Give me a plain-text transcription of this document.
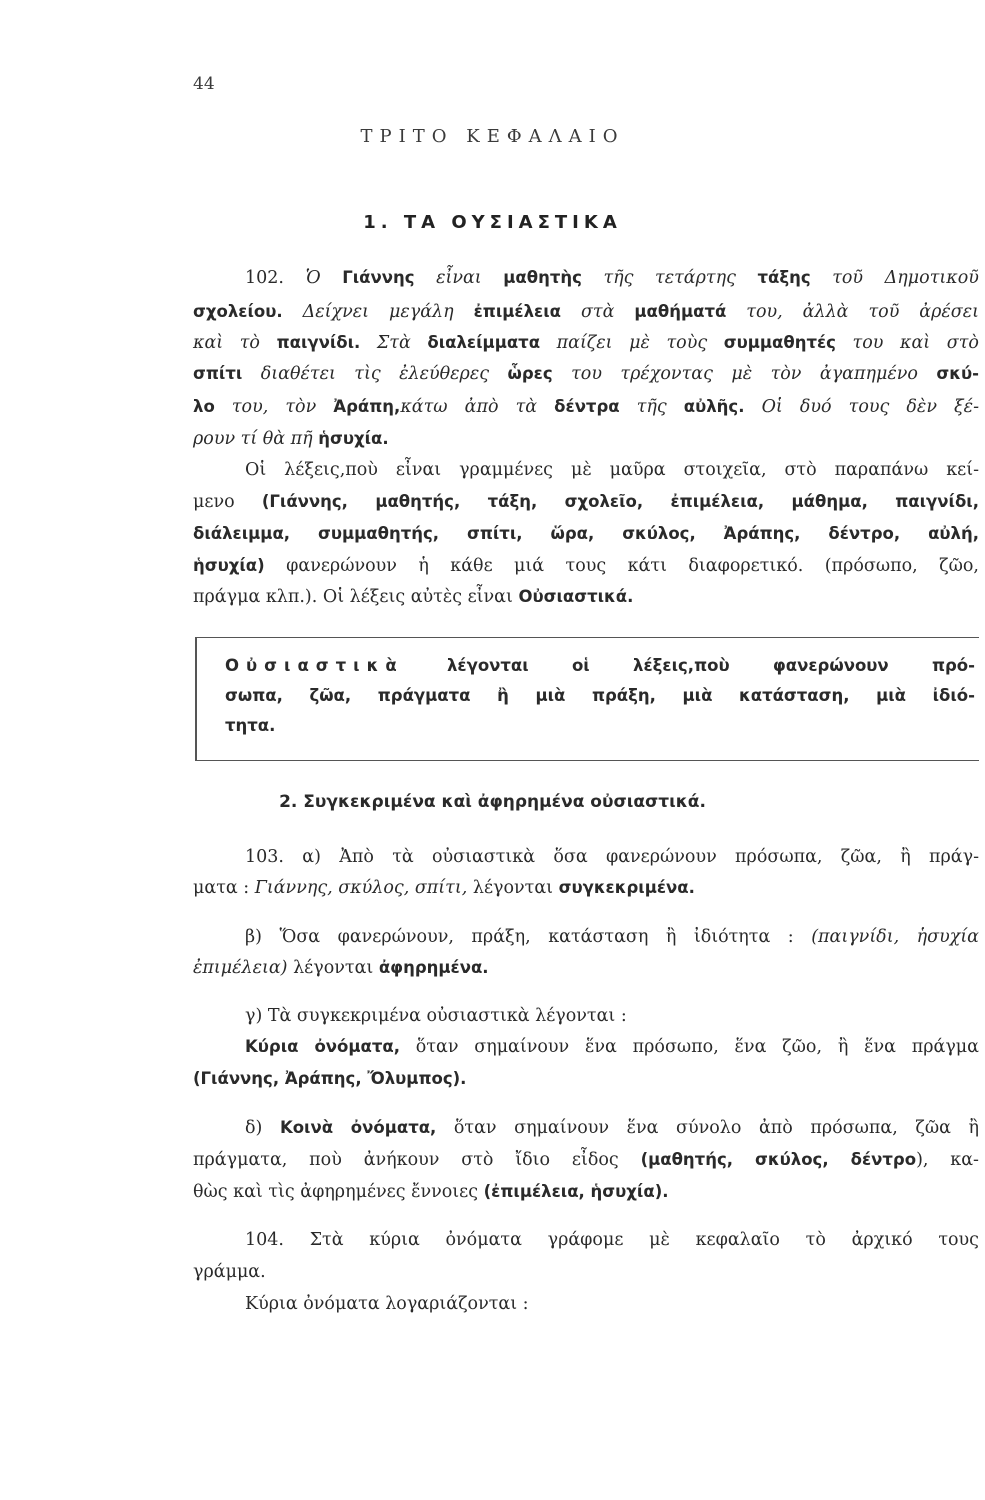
44
ΤΡΙΤΟ ΚΕΦΑΛΑΙΟ
1. ΤΑ ΟΥΣΙΑΣΤΙΚΑ
102. Ὁ Γιάννης εἶναι μαθητὴς τῆς τετάρτης τάξης τοῦ Δημοτικοῦ
σχολείου. Δείχνει μεγάλη ἐπιμέλεια στὰ μαθήματά του, ἀλλὰ τοῦ ἀρέσει
καὶ τὸ παιγνίδι. Στὰ διαλείμματα παίζει μὲ τοὺς συμμαθητές του καὶ στὸ
σπίτι διαθέτει τὶς ἐλεύθερες ὧρες του τρέχοντας μὲ τὸν ἀγαπημένο σκύ-
λο του, τὸν Ἀράπη,κάτω ἀπὸ τὰ δέντρα τῆς αὐλῆς. Οἱ δυό τους δὲν ξέ-
ρουν τί θὰ πῆ ἡσυχία.
Οἱ λέξεις,ποὺ εἶναι γραμμένες μὲ μαῦρα στοιχεῖα, στὸ παραπάνω κεί-
μενο (Γιάννης, μαθητής, τάξη, σχολεῖο, ἐπιμέλεια, μάθημα, παιγνίδι,
διάλειμμα, συμμαθητής, σπίτι, ὥρα, σκύλος, Ἀράπης, δέντρο, αὐλή,
ἡσυχία) φανερώνουν ἡ κάθε μιά τους κάτι διαφορετικό. (πρόσωπο, ζῶο,
πράγμα κλπ.). Οἱ λέξεις αὐτὲς εἶναι Οὐσιαστικά.
Οὐσιαστικὰ	λέγονται οἱ λέξεις,ποὺ φανερώνουν πρό-
σωπα, ζῶα, πράγματα ἢ μιὰ πράξη, μιὰ κατάσταση, μιὰ ἰδιό-
τητα.
2. Συγκεκριμένα καὶ ἀφηρημένα οὐσιαστικά.
103. α) Ἀπὸ τὰ οὐσιαστικὰ ὅσα φανερώνουν πρόσωπα, ζῶα, ἢ πράγ-
ματα : Γιάννης, σκύλος, σπίτι, λέγονται συγκεκριμένα.
β) Ὅσα φανερώνουν, πράξη, κατάσταση ἢ ἰδιότητα : (παιγνίδι, ἡσυχία
ἐπιμέλεια) λέγονται ἀφηρημένα.
γ) Τὰ συγκεκριμένα οὐσιαστικὰ λέγονται :
Κύρια ὀνόματα, ὅταν σημαίνουν ἕνα πρόσωπο, ἕνα ζῶο, ἢ ἕνα πράγμα
(Γιάννης, Ἀράπης, Ὄλυμπος).
δ) Κοινὰ ὀνόματα, ὅταν σημαίνουν ἕνα σύνολο ἀπὸ πρόσωπα, ζῶα ἢ
πράγματα, ποὺ ἀνήκουν στὸ ἴδιο εἶδος (μαθητής, σκύλος, δέντρο), κα-
θὼς καὶ τὶς ἀφηρημένες ἔννοιες (ἐπιμέλεια, ἡσυχία).
104. Στὰ κύρια ὀνόματα γράφομε μὲ κεφαλαῖο τὸ ἀρχικό τους
γράμμα.
Κύρια ὀνόματα λογαριάζονται :
